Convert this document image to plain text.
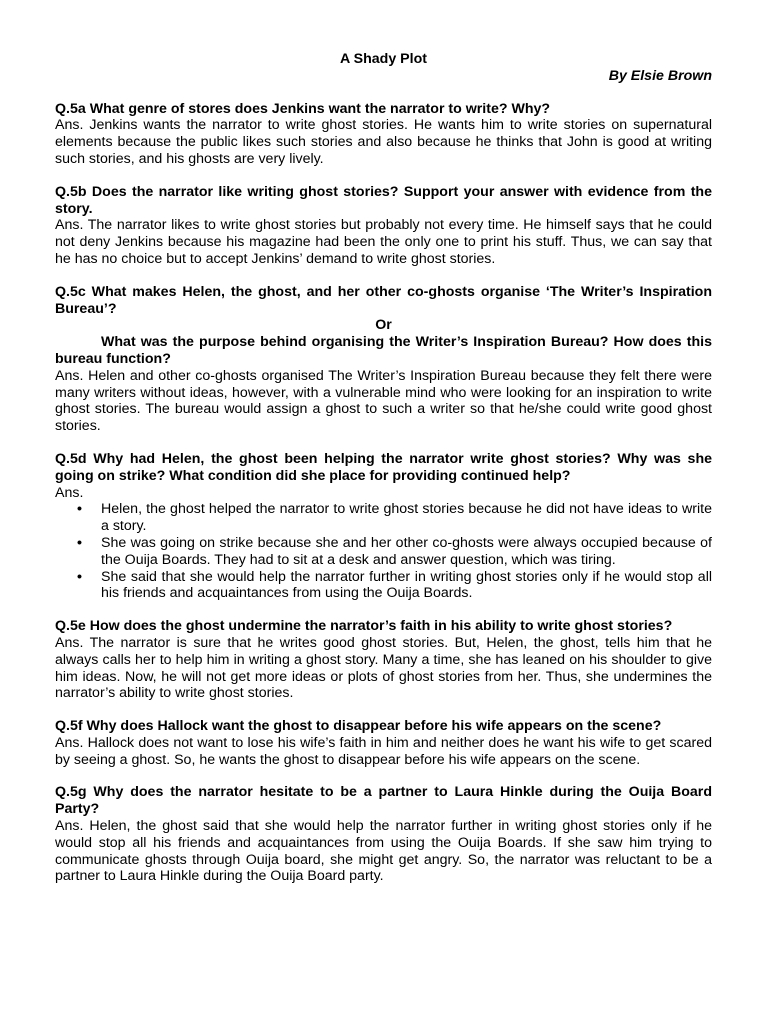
A Shady Plot

By Elsie Brown

Q.5a What genre of stores does Jenkins want the narrator to write? Why?

Ans. Jenkins wants the narrator to write ghost stories. He wants him to write stories on supernatural elements because the public likes such stories and also because he thinks that John is good at writing such stories, and his ghosts are very lively.

Q.5b Does the narrator like writing ghost stories? Support your answer with evidence from the story.

Ans. The narrator likes to write ghost stories but probably not every time. He himself says that he could not deny Jenkins because his magazine had been the only one to print his stuff. Thus, we can say that he has no choice but to accept Jenkins’ demand to write ghost stories.

Q.5c What makes Helen, the ghost, and her other co-ghosts organise ‘The Writer’s Inspiration Bureau’?

Or

What was the purpose behind organising the Writer’s Inspiration Bureau? How does this bureau function?

Ans. Helen and other co-ghosts organised The Writer’s Inspiration Bureau because they felt there were many writers without ideas, however, with a vulnerable mind who were looking for an inspiration to write ghost stories. The bureau would assign a ghost to such a writer so that he/she could write good ghost stories.

Q.5d Why had Helen, the ghost been helping the narrator write ghost stories? Why was she going on strike? What condition did she place for providing continued help?

Ans.

• Helen, the ghost helped the narrator to write ghost stories because he did not have ideas to write a story.
• She was going on strike because she and her other co-ghosts were always occupied because of the Ouija Boards. They had to sit at a desk and answer question, which was tiring.
• She said that she would help the narrator further in writing ghost stories only if he would stop all his friends and acquaintances from using the Ouija Boards.

Q.5e How does the ghost undermine the narrator’s faith in his ability to write ghost stories?

Ans. The narrator is sure that he writes good ghost stories. But, Helen, the ghost, tells him that he always calls her to help him in writing a ghost story. Many a time, she has leaned on his shoulder to give him ideas. Now, he will not get more ideas or plots of ghost stories from her. Thus, she undermines the narrator’s ability to write ghost stories.

Q.5f Why does Hallock want the ghost to disappear before his wife appears on the scene?

Ans. Hallock does not want to lose his wife’s faith in him and neither does he want his wife to get scared by seeing a ghost. So, he wants the ghost to disappear before his wife appears on the scene.

Q.5g Why does the narrator hesitate to be a partner to Laura Hinkle during the Ouija Board Party?

Ans. Helen, the ghost said that she would help the narrator further in writing ghost stories only if he would stop all his friends and acquaintances from using the Ouija Boards. If she saw him trying to communicate ghosts through Ouija board, she might get angry. So, the narrator was reluctant to be a partner to Laura Hinkle during the Ouija Board party.
